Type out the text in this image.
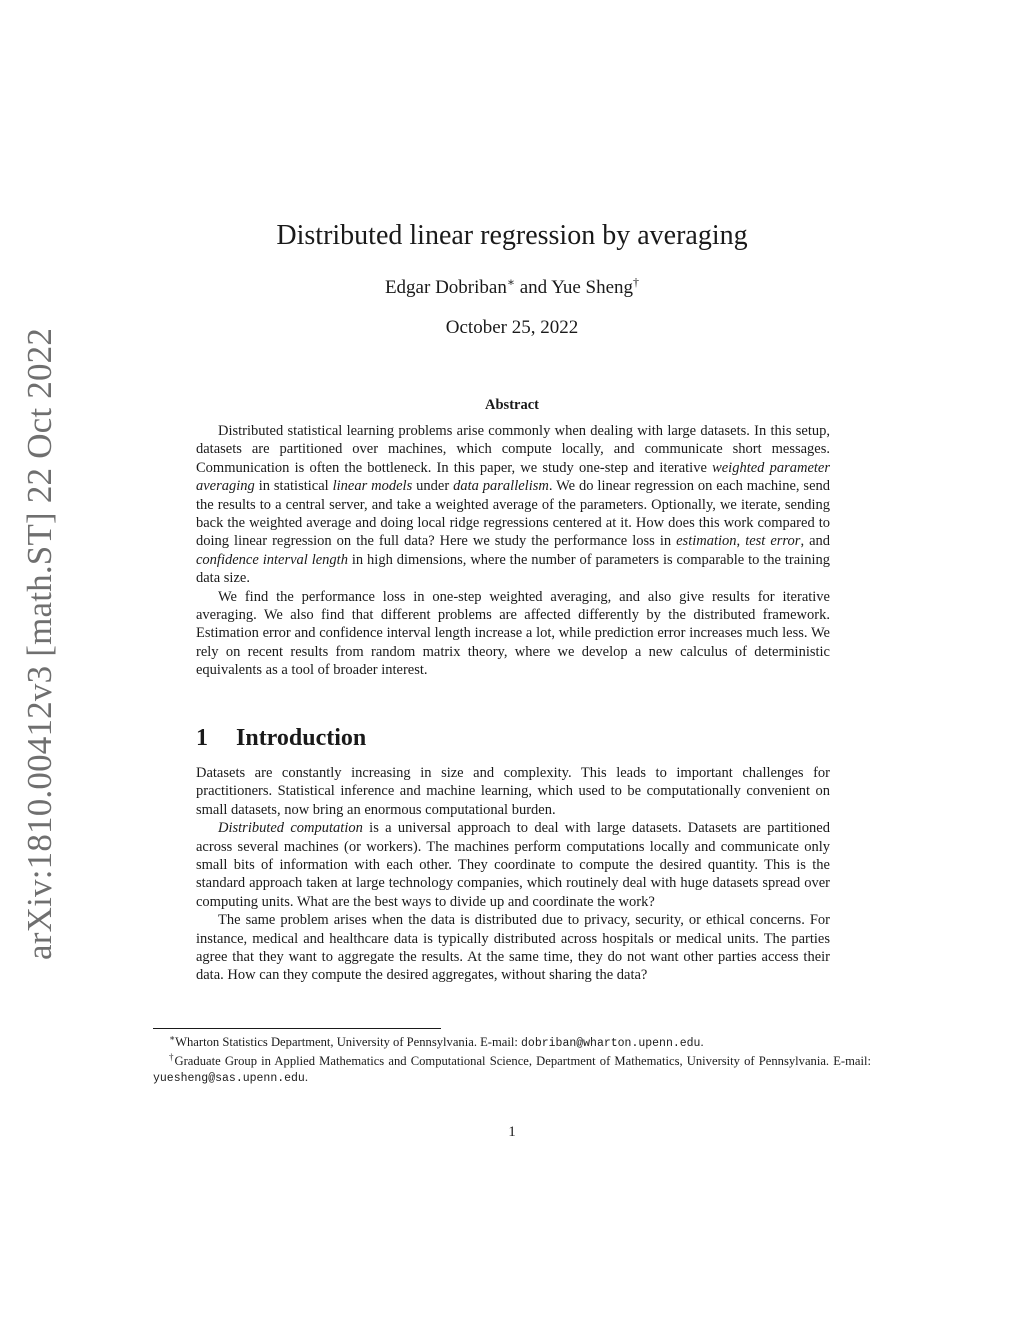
arXiv:1810.00412v3 [math.ST] 22 Oct 2022
Distributed linear regression by averaging
Edgar Dobriban∗ and Yue Sheng†
October 25, 2022
Abstract

Distributed statistical learning problems arise commonly when dealing with large datasets. In this setup, datasets are partitioned over machines, which compute locally, and communicate short messages. Communication is often the bottleneck. In this paper, we study one-step and iterative weighted parameter averaging in statistical linear models under data parallelism. We do linear regression on each machine, send the results to a central server, and take a weighted average of the parameters. Optionally, we iterate, sending back the weighted average and doing local ridge regressions centered at it. How does this work compared to doing linear regression on the full data? Here we study the performance loss in estimation, test error, and confidence interval length in high dimensions, where the number of parameters is comparable to the training data size.

We find the performance loss in one-step weighted averaging, and also give results for iterative averaging. We also find that different problems are affected differently by the distributed framework. Estimation error and confidence interval length increase a lot, while prediction error increases much less. We rely on recent results from random matrix theory, where we develop a new calculus of deterministic equivalents as a tool of broader interest.

1 Introduction

Datasets are constantly increasing in size and complexity. This leads to important challenges for practitioners. Statistical inference and machine learning, which used to be computationally convenient on small datasets, now bring an enormous computational burden.

Distributed computation is a universal approach to deal with large datasets. Datasets are partitioned across several machines (or workers). The machines perform computations locally and communicate only small bits of information with each other. They coordinate to compute the desired quantity. This is the standard approach taken at large technology companies, which routinely deal with huge datasets spread over computing units. What are the best ways to divide up and coordinate the work?

The same problem arises when the data is distributed due to privacy, security, or ethical concerns. For instance, medical and healthcare data is typically distributed across hospitals or medical units. The parties agree that they want to aggregate the results. At the same time, they do not want other parties access their data. How can they compute the desired aggregates, without sharing the data?

∗Wharton Statistics Department, University of Pennsylvania. E-mail: dobriban@wharton.upenn.edu.

†Graduate Group in Applied Mathematics and Computational Science, Department of Mathematics, University of Pennsylvania. E-mail: yuesheng@sas.upenn.edu.

1
